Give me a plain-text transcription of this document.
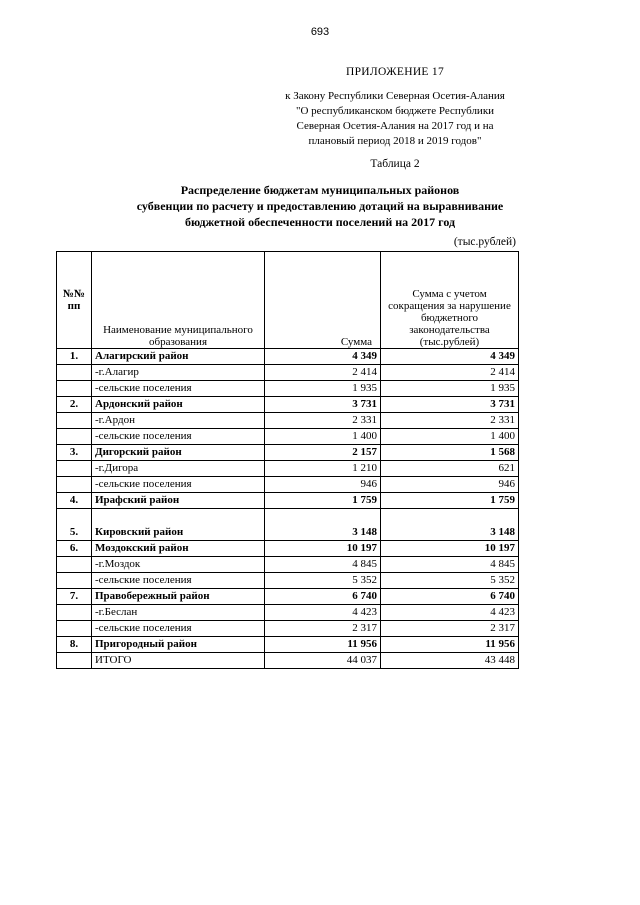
693
ПРИЛОЖЕНИЕ 17
к Закону Республики Северная Осетия-Алания
"О республиканском бюджете Республики
Северная Осетия-Алания на 2017 год и на
плановый период 2018 и 2019 годов"
Таблица 2
Распределение бюджетам муниципальных районов
субвенции по расчету и предоставлению дотаций на выравнивание
бюджетной обеспеченности поселений на 2017 год
(тыс.рублей)
№№ пп	Наименование муниципального образования	Сумма	Сумма с учетом сокращения за нарушение бюджетного законодательства (тыс.рублей)
1.	Алагирский район	4 349	4 349
	-г.Алагир	2 414	2 414
	-сельские поселения	1 935	1 935
2.	Ардонский район	3 731	3 731
	-г.Ардон	2 331	2 331
	-сельские поселения	1 400	1 400
3.	Дигорский район	2 157	1 568
	-г.Дигора	1 210	621
	-сельские поселения	946	946
4.	Ирафский район	1 759	1 759
5.	Кировский район	3 148	3 148
6.	Моздокский район	10 197	10 197
	-г.Моздок	4 845	4 845
	-сельские поселения	5 352	5 352
7.	Правобережный район	6 740	6 740
	-г.Беслан	4 423	4 423
	-сельские поселения	2 317	2 317
8.	Пригородный район	11 956	11 956
	ИТОГО	44 037	43 448
